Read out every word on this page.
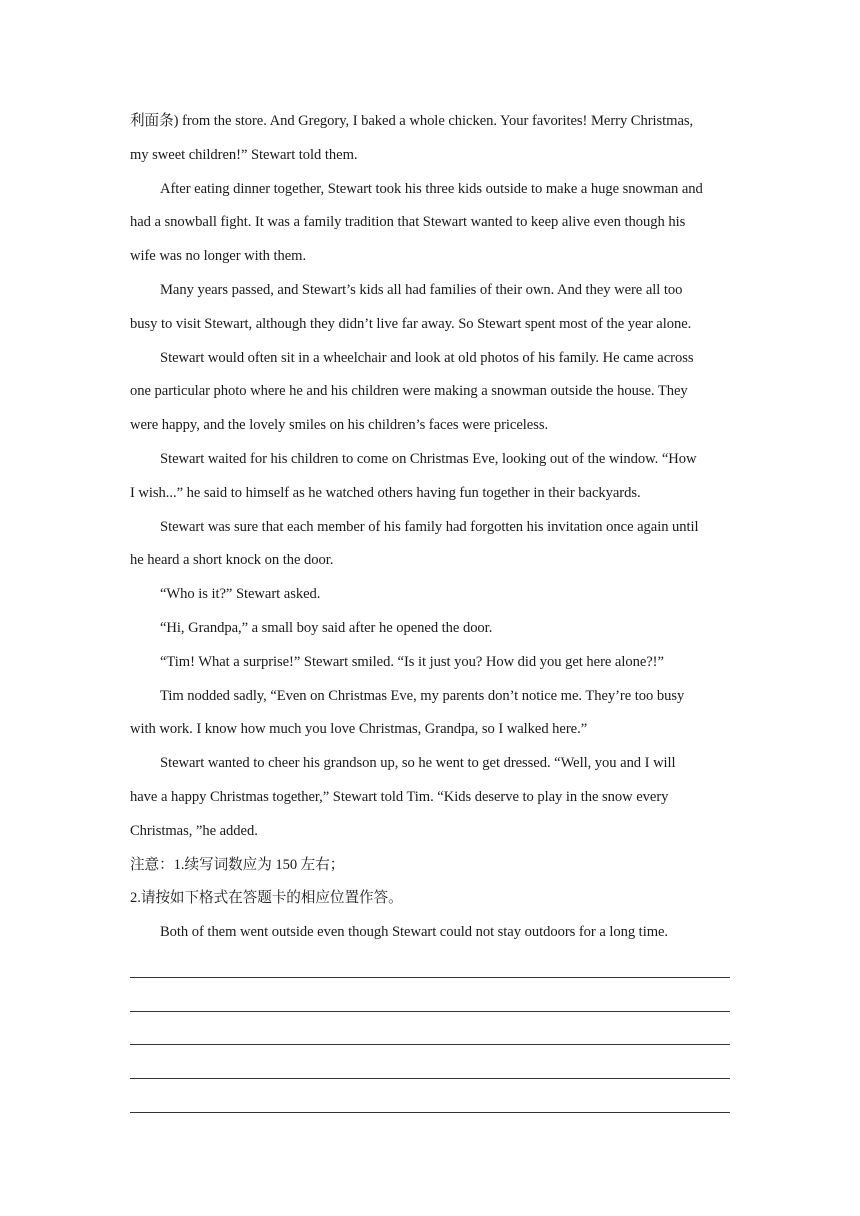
利面条) from the store. And Gregory, I baked a whole chicken. Your favorites! Merry Christmas,
my sweet children!” Stewart told them.
After eating dinner together, Stewart took his three kids outside to make a huge snowman and
had a snowball fight. It was a family tradition that Stewart wanted to keep alive even though his
wife was no longer with them.
Many years passed, and Stewart’s kids all had families of their own. And they were all too
busy to visit Stewart, although they didn’t live far away. So Stewart spent most of the year alone.
Stewart would often sit in a wheelchair and look at old photos of his family. He came across
one particular photo where he and his children were making a snowman outside the house. They
were happy, and the lovely smiles on his children’s faces were priceless.
Stewart waited for his children to come on Christmas Eve, looking out of the window. “How
I wish...” he said to himself as he watched others having fun together in their backyards.
Stewart was sure that each member of his family had forgotten his invitation once again until
he heard a short knock on the door.
“Who is it?” Stewart asked.
“Hi, Grandpa,” a small boy said after he opened the door.
“Tim! What a surprise!” Stewart smiled. “Is it just you? How did you get here alone?!”
Tim nodded sadly, “Even on Christmas Eve, my parents don’t notice me. They’re too busy
with work. I know how much you love Christmas, Grandpa, so I walked here.”
Stewart wanted to cheer his grandson up, so he went to get dressed. “Well, you and I will
have a happy Christmas together,” Stewart told Tim. “Kids deserve to play in the snow every
Christmas, ”he added.
注意：1.续写词数应为 150 左右；
2.请按如下格式在答题卡的相应位置作答。
Both of them went outside even though Stewart could not stay outdoors for a long time.
